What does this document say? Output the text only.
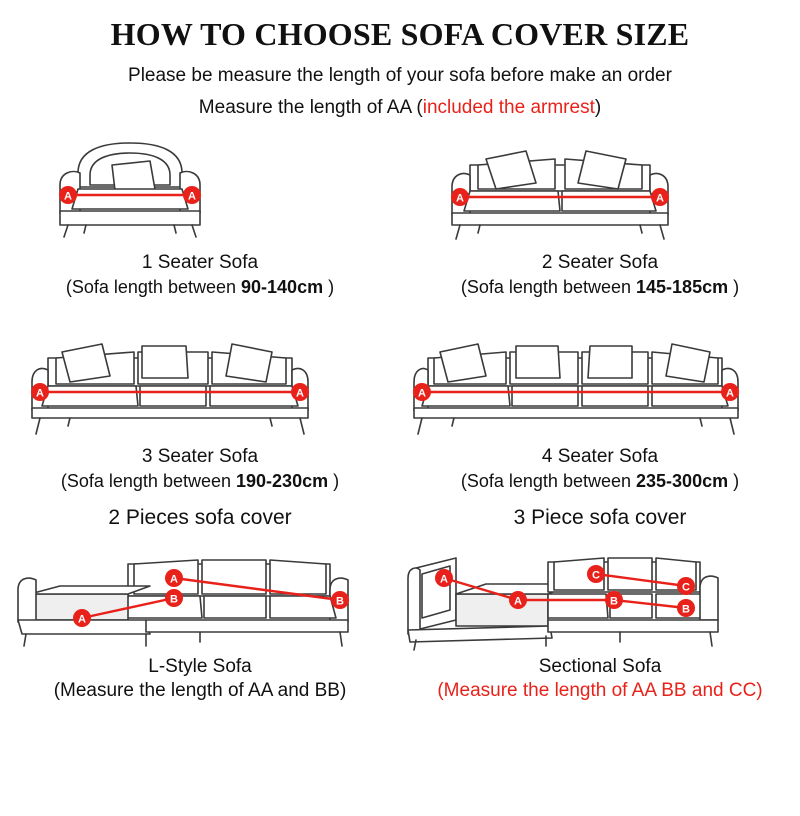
HOW TO CHOOSE SOFA COVER SIZE
Please be measure the length of your sofa before make an order
Measure the length of AA (included the armrest)
A	A
1 Seater Sofa
(Sofa length between 90-140cm )
A	A
2 Seater Sofa
(Sofa length between 145-185cm )
A	A
3 Seater Sofa
(Sofa length between 190-230cm )
A	A
4 Seater Sofa
(Sofa length between 235-300cm )
2 Pieces sofa cover
A
B
B
A
L-Style Sofa
3 Piece sofa cover
A
A
C
B
C
B
Sectional Sofa
(Measure the length of AA and BB)	(Measure the length of AA BB and CC)
